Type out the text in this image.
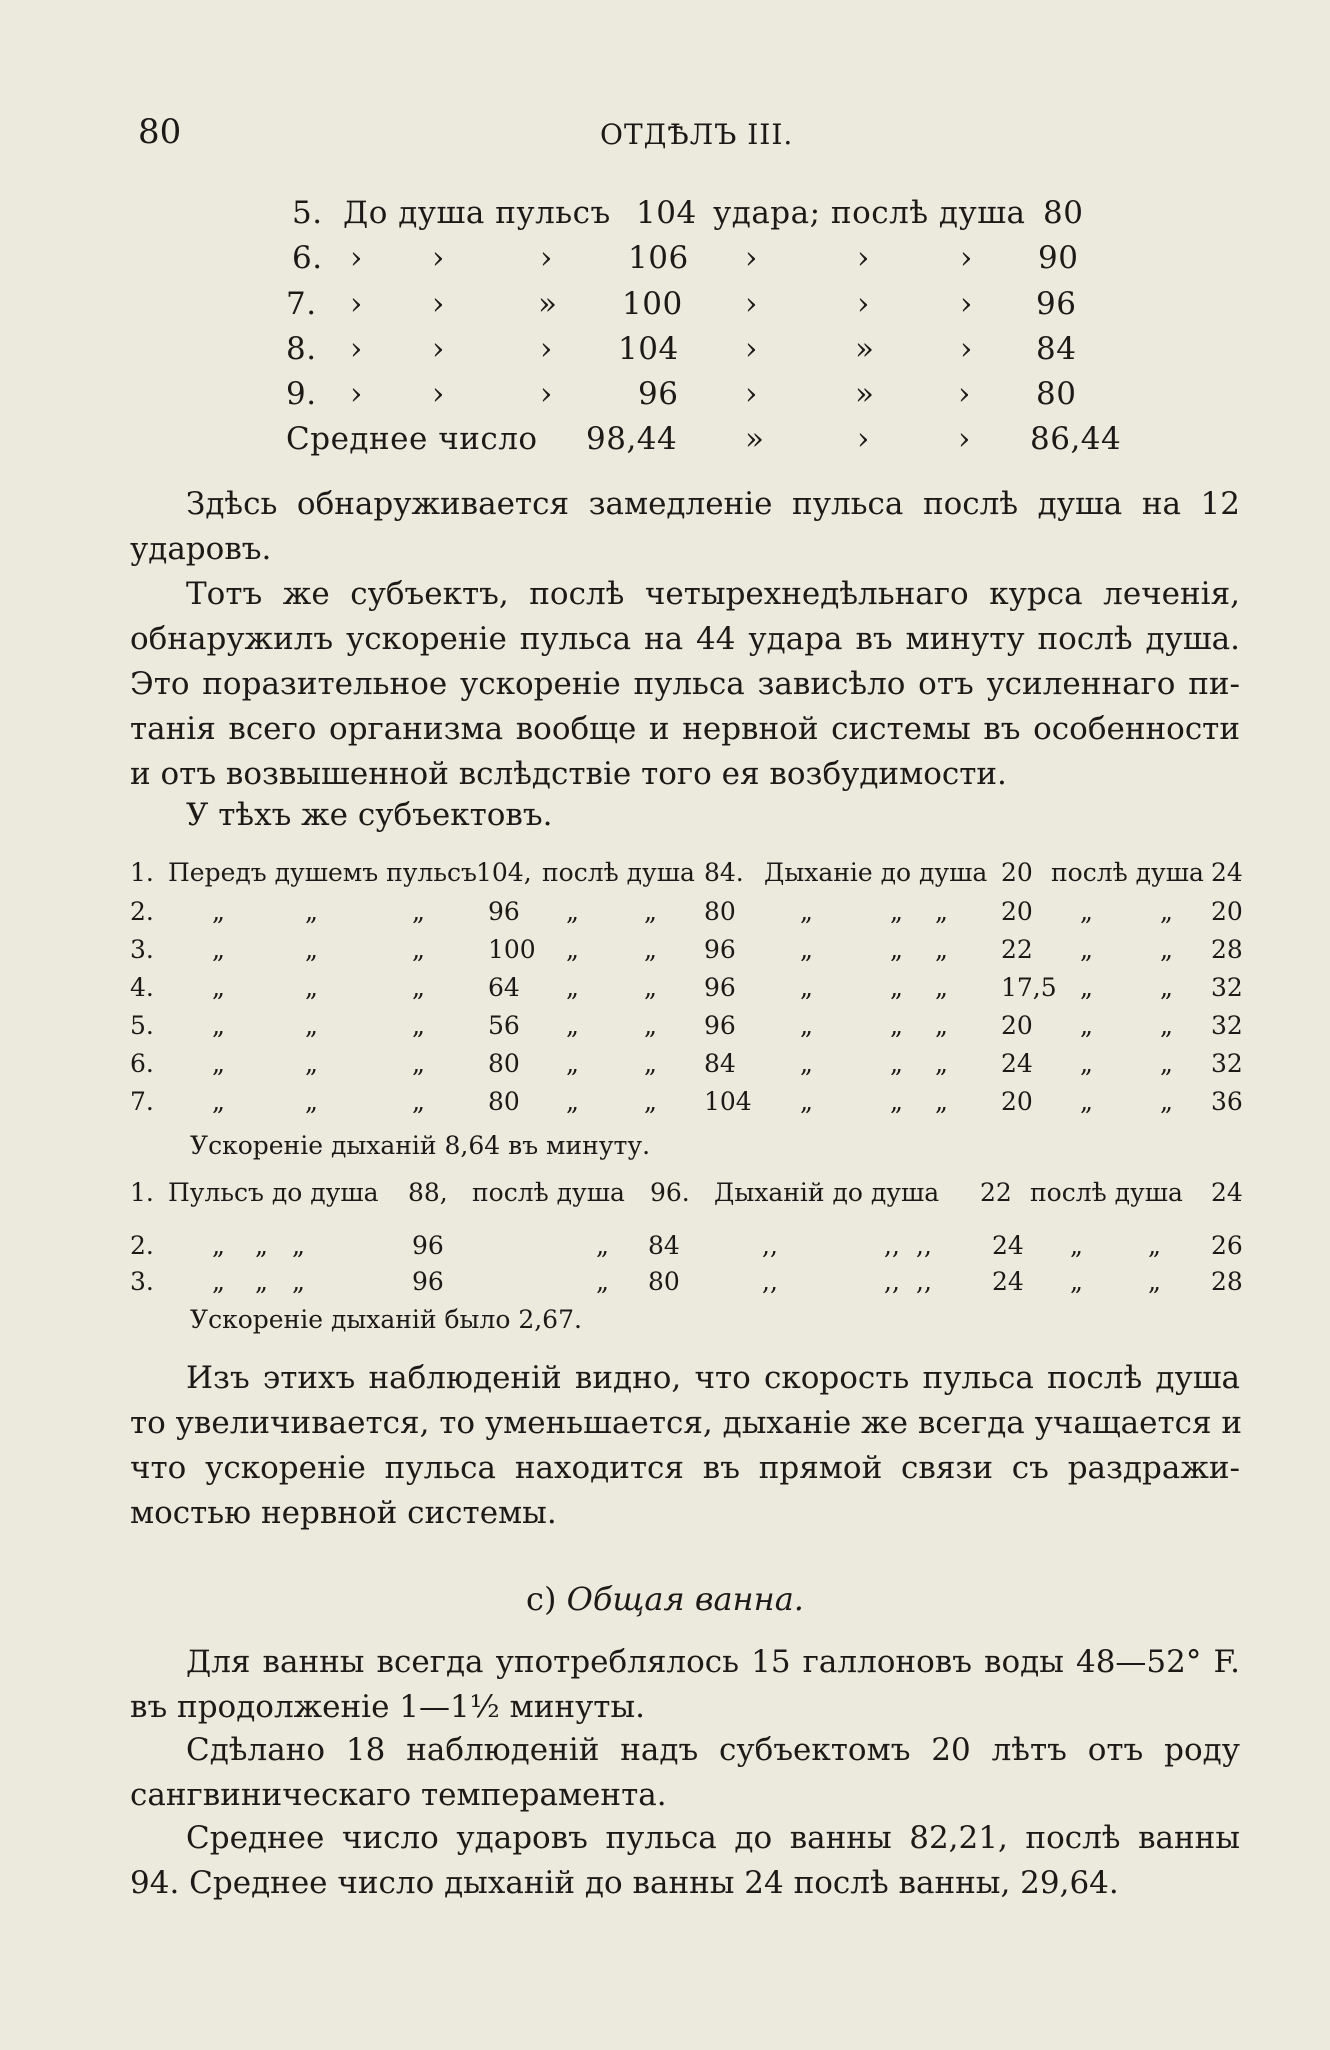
80	ОТДѢЛЪ III.
5. До душа пульсъ 104 удара; послѣ душа 80
6. › ›	› 106 ›	›	› 90
7. › ›	» 100 ›	›	› 96
8. › ›	› 104 ›	»	› 84
9. › ›	›	96 ›	»	› 80
Среднее число 98,44 »	›	› 86,44
Здѣсь обнаруживается замедленіе пульса послѣ душа на 12
ударовъ.
Тотъ же субъектъ, послѣ четырехнедѣльнаго курса леченія,
обнаружилъ ускореніе пульса на 44 удара въ минуту послѣ душа.
Это поразительное ускореніе пульса зависѣло отъ усиленнаго пи-
танія всего организма вообще и нервной системы въ особенности
и отъ возвышенной вслѣдствіе того ея возбудимости.
У тѣхъ же субъектовъ.
1. Передъ душемъ пульсъ 104, послѣ душа 84. Дыханіе до душа 20 послѣ душа 24
2. „	„	„	96 „	„ 80	„	„ „ 20 „	„ 20
3. „	„	„	100 „	„ 96	„	„ „ 22 „	„ 28
4. „	„	„	64 „	„ 96	„	„ „ 17,5 „	„ 32
5. „	„	„	56 „	„ 96	„	„ „ 20 „	„ 32
6. „	„	„	80 „	„ 84	„	„ „ 24 „	„ 32
7. „	„	„	80 „	„ 104 „	„ „ 20 „	„ 36
Ускореніе дыханій 8,64 въ минуту.
1. Пульсъ до душа 88, послѣ душа 96. Дыханій до душа 22 послѣ душа 24
2. „ „ „	96	„ 84	,,	,, ,, 24 „	„ 26
3. „ „ „	96	„ 80	,,	,, ,, 24 „	„ 28
Ускореніе дыханій было 2,67.
Изъ этихъ наблюденій видно, что скорость пульса послѣ душа
то увеличивается, то уменьшается, дыханіе же всегда учащается и
что ускореніе пульса находится въ прямой связи съ раздражи-
мостью нервной системы.
c) Общая ванна.
Для ванны всегда употреблялось 15 галлоновъ воды 48—52° F.
въ продолженіе 1—1½ минуты.
Сдѣлано 18 наблюденій надъ субъектомъ 20 лѣтъ отъ роду
сангвиническаго темперамента.
Среднее число ударовъ пульса до ванны 82,21, послѣ ванны
94. Среднее число дыханій до ванны 24 послѣ ванны, 29,64.
